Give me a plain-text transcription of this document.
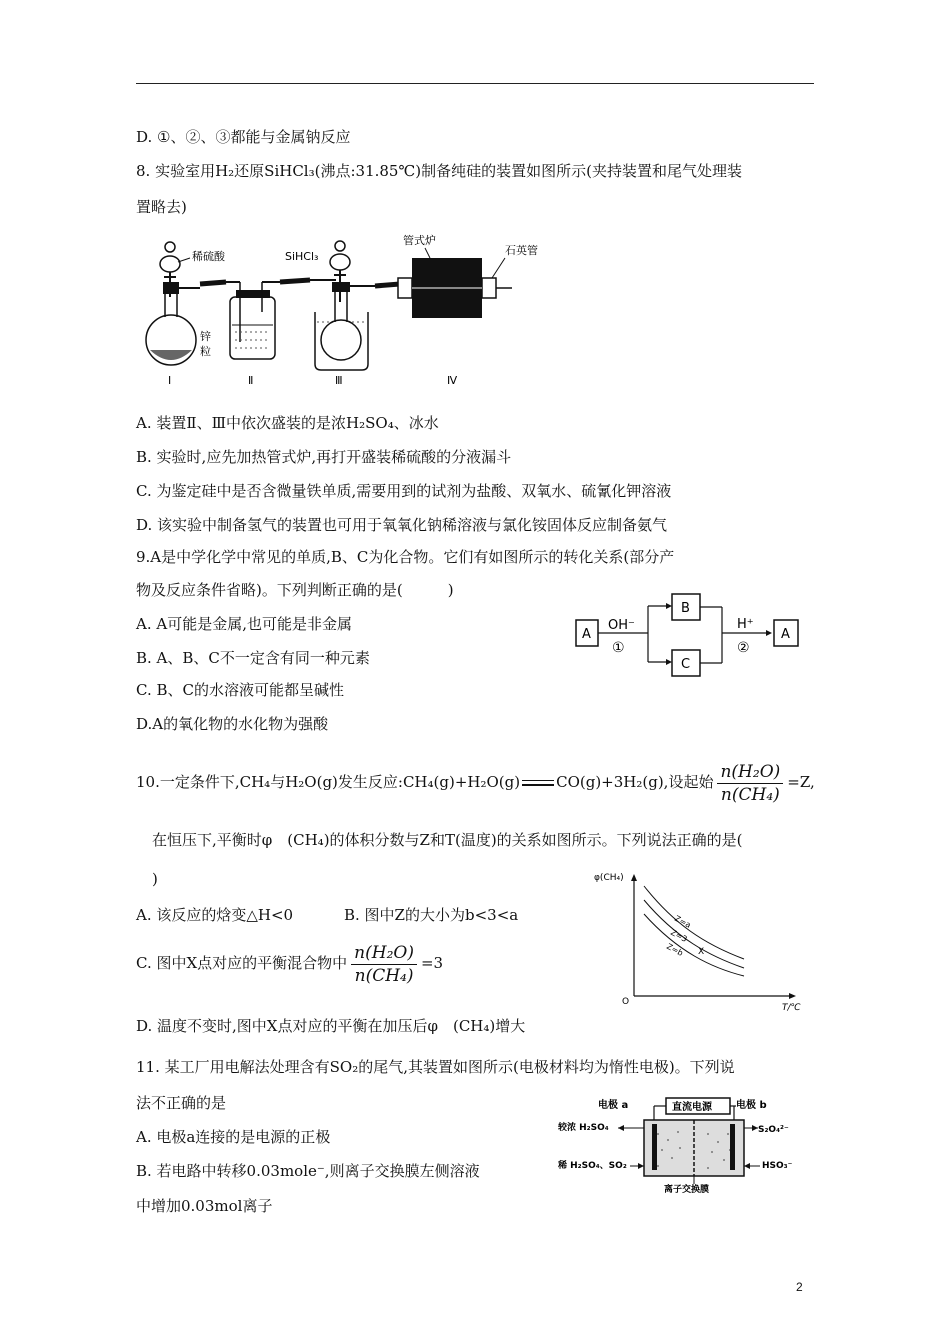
D. ①、②、③都能与金属钠反应
8. 实验室用H₂还原SiHCl₃(沸点:31.85℃)制备纯硅的装置如图所示(夹持装置和尾气处理装
置略去)
稀硫酸
锌
粒
SiHCl₃
管式炉
石英管
Ⅰ	Ⅱ	Ⅲ	Ⅳ
A. 装置Ⅱ、Ⅲ中依次盛装的是浓H₂SO₄、冰水
B. 实验时,应先加热管式炉,再打开盛装稀硫酸的分液漏斗
C. 为鉴定硅中是否含微量铁单质,需要用到的试剂为盐酸、双氧水、硫氰化钾溶液
D. 该实验中制备氢气的装置也可用于氧氧化钠稀溶液与氯化铵固体反应制备氨气
9.A是中学化学中常见的单质,B、C为化合物。它们有如图所示的转化关系(部分产
物及反应条件省略)。下列判断正确的是(　　　)
A. A可能是金属,也可能是非金属
B. A、B、C不一定含有同一种元素
C. B、C的水溶液可能都呈碱性
D.A的氧化物的水化物为强酸
A
OH⁻
①
B
C
H⁺
②
A
10.一定条件下,CH₄与H₂O(g)发生反应:CH₄(g)+H₂O(g) CO(g)+3H₂(g),设起始 $\frac{\text{n(H₂O)}}{\text{n(CH₄)}} =Z$,
在恒压下,平衡时φ　(CH₄)的体积分数与Z和T(温度)的关系如图所示。下列说法正确的是(
)
A. 该反应的焓变△H<0	B. 图中Z的大小为b<3<a
C. 图中X点对应的平衡混合物中 $\frac{\text{n(H₂O)}}{\text{n(CH₄)}} =3$
D. 温度不变时,图中X点对应的平衡在加压后φ　(CH₄)增大
φ(CH₄)
T/℃
O
Z=a
Z=3
Z=b X
11. 某工厂用电解法处理含有SO₂的尾气,其装置如图所示(电极材料均为惰性电极)。下列说
法不正确的是
A. 电极a连接的是电源的正极
B. 若电路中转移0.03mole⁻,则离子交换膜左侧溶液
中增加0.03mol离子
电极 a	直流电源 电极 b
较浓 H₂SO₄
稀 H₂SO₄、SO₂
S₂O₄²⁻
HSO₃⁻
离子交换膜
2
